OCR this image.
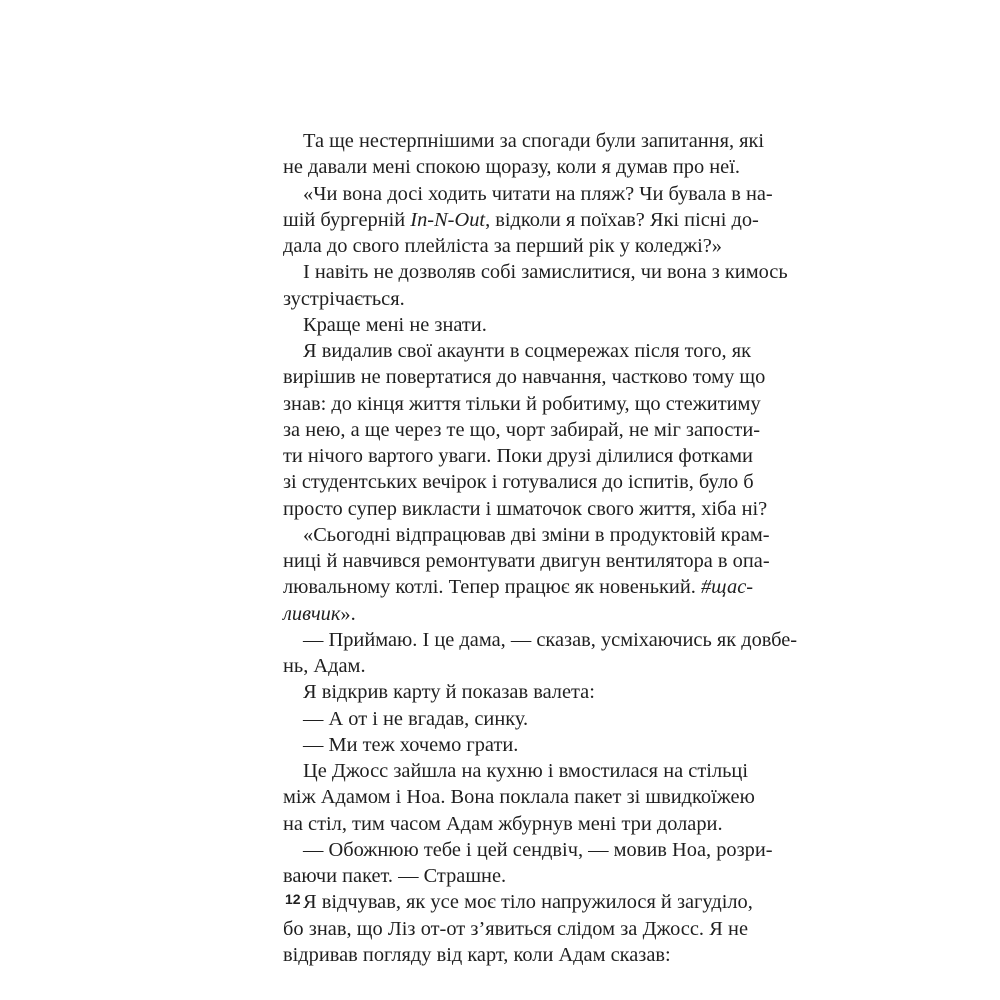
Та ще нестерпнішими за спогади були запитання, які
не давали мені спокою щоразу, коли я думав про неї.
«Чи вона досі ходить читати на пляж? Чи бувала в на-
шій бургерній In-N-Out, відколи я поїхав? Які пісні до-
дала до свого плейліста за перший рік у коледжі?»
І навіть не дозволяв собі замислитися, чи вона з кимось
зустрічається.
Краще мені не знати.
Я видалив свої акаунти в соцмережах після того, як
вирішив не повертатися до навчання, частково тому що
знав: до кінця життя тільки й робитиму, що стежитиму
за нею, а ще через те що, чорт забирай, не міг запости-
ти нічого вартого уваги. Поки друзі ділилися фотками
зі студентських вечірок і готувалися до іспитів, було б
просто супер викласти і шматочок свого життя, хіба ні?
«Сьогодні відпрацював дві зміни в продуктовій крам-
ниці й навчився ремонтувати двигун вентилятора в опа-
лювальному котлі. Тепер працює як новенький. #щас-
ливчик».
— Приймаю. І це дама, — сказав, усміхаючись як довбе-
нь, Адам.
Я відкрив карту й показав валета:
— А от і не вгадав, синку.
— Ми теж хочемо грати.
Це Джосс зайшла на кухню і вмостилася на стільці
між Адамом і Ноа. Вона поклала пакет зі швидкоїжею
на стіл, тим часом Адам жбурнув мені три долари.
— Обожнюю тебе і цей сендвіч, — мовив Ноа, розри-
ваючи пакет. — Страшне.
Я відчував, як усе моє тіло напружилося й загуділо,
бо знав, що Ліз от-от з’явиться слідом за Джосс. Я не
відривав погляду від карт, коли Адам сказав:
12
